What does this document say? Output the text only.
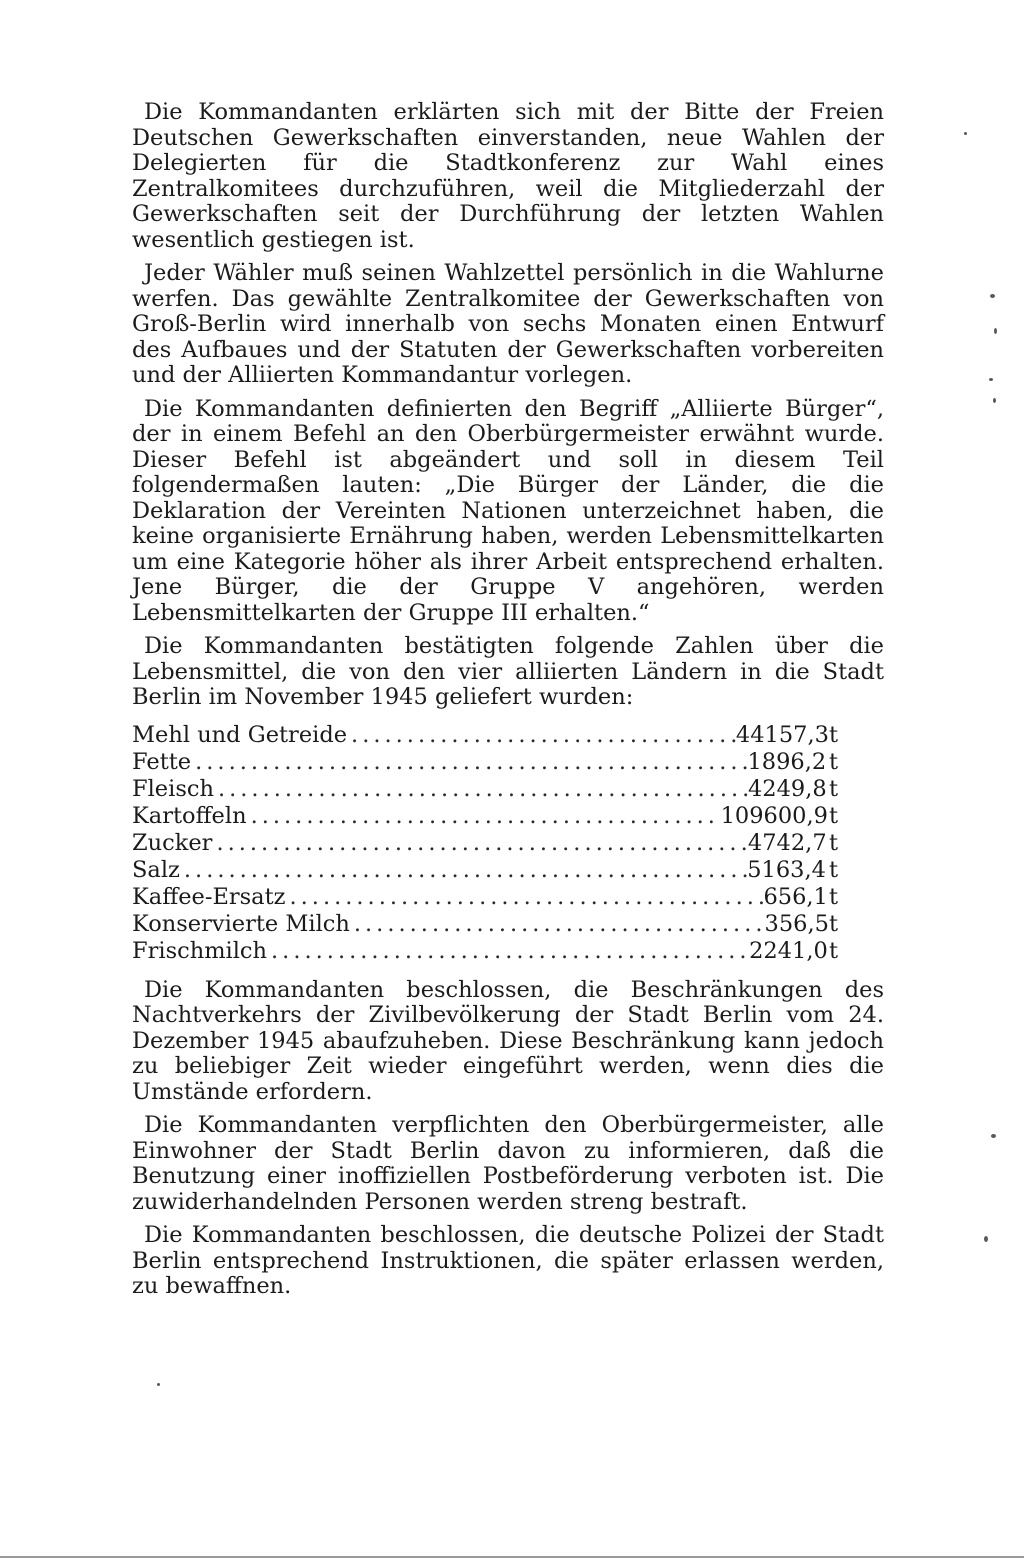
Die Kommandanten erklärten sich mit der Bitte der Freien Deutschen Gewerkschaften einverstanden, neue Wahlen der Delegierten für die Stadtkonferenz zur Wahl eines Zentralkomitees durchzuführen, weil die Mitgliederzahl der Gewerkschaften seit der Durchführung der letzten Wahlen wesentlich gestiegen ist.

Jeder Wähler muß seinen Wahlzettel persönlich in die Wahlurne werfen. Das gewählte Zentralkomitee der Gewerkschaften von Groß-Berlin wird innerhalb von sechs Monaten einen Entwurf des Aufbaues und der Statuten der Gewerkschaften vorbereiten und der Alliierten Kommandantur vorlegen.

Die Kommandanten definierten den Begriff „Alliierte Bürger“, der in einem Befehl an den Oberbürgermeister erwähnt wurde. Dieser Befehl ist abgeändert und soll in diesem Teil folgendermaßen lauten: „Die Bürger der Länder, die die Deklaration der Vereinten Nationen unterzeichnet haben, die keine organisierte Ernährung haben, werden Lebensmittelkarten um eine Kategorie höher als ihrer Arbeit entsprechend erhalten. Jene Bürger, die der Gruppe V angehören, werden Lebensmittelkarten der Gruppe III erhalten.“

Die Kommandanten bestätigten folgende Zahlen über die Lebensmittel, die von den vier alliierten Ländern in die Stadt Berlin im November 1945 geliefert wurden:

Mehl und Getreide .....	44157,3 t
Fette .....	1896,2 t
Fleisch .....	4249,8 t
Kartoffeln .....	109600,9 t
Zucker .....	4742,7 t
Salz .....	5163,4 t
Kaffee-Ersatz .....	656,1 t
Konservierte Milch .....	356,5 t
Frischmilch .....	2241,0 t

Die Kommandanten beschlossen, die Beschränkungen des Nachtverkehrs der Zivilbevölkerung der Stadt Berlin vom 24. Dezember 1945 abaufzuheben. Diese Beschränkung kann jedoch zu beliebiger Zeit wieder eingeführt werden, wenn dies die Umstände erfordern.

Die Kommandanten verpflichten den Oberbürgermeister, alle Einwohner der Stadt Berlin davon zu informieren, daß die Benutzung einer inoffiziellen Postbeförderung verboten ist. Die zuwiderhandelnden Personen werden streng bestraft.

Die Kommandanten beschlossen, die deutsche Polizei der Stadt Berlin entsprechend Instruktionen, die später erlassen werden, zu bewaffnen.
